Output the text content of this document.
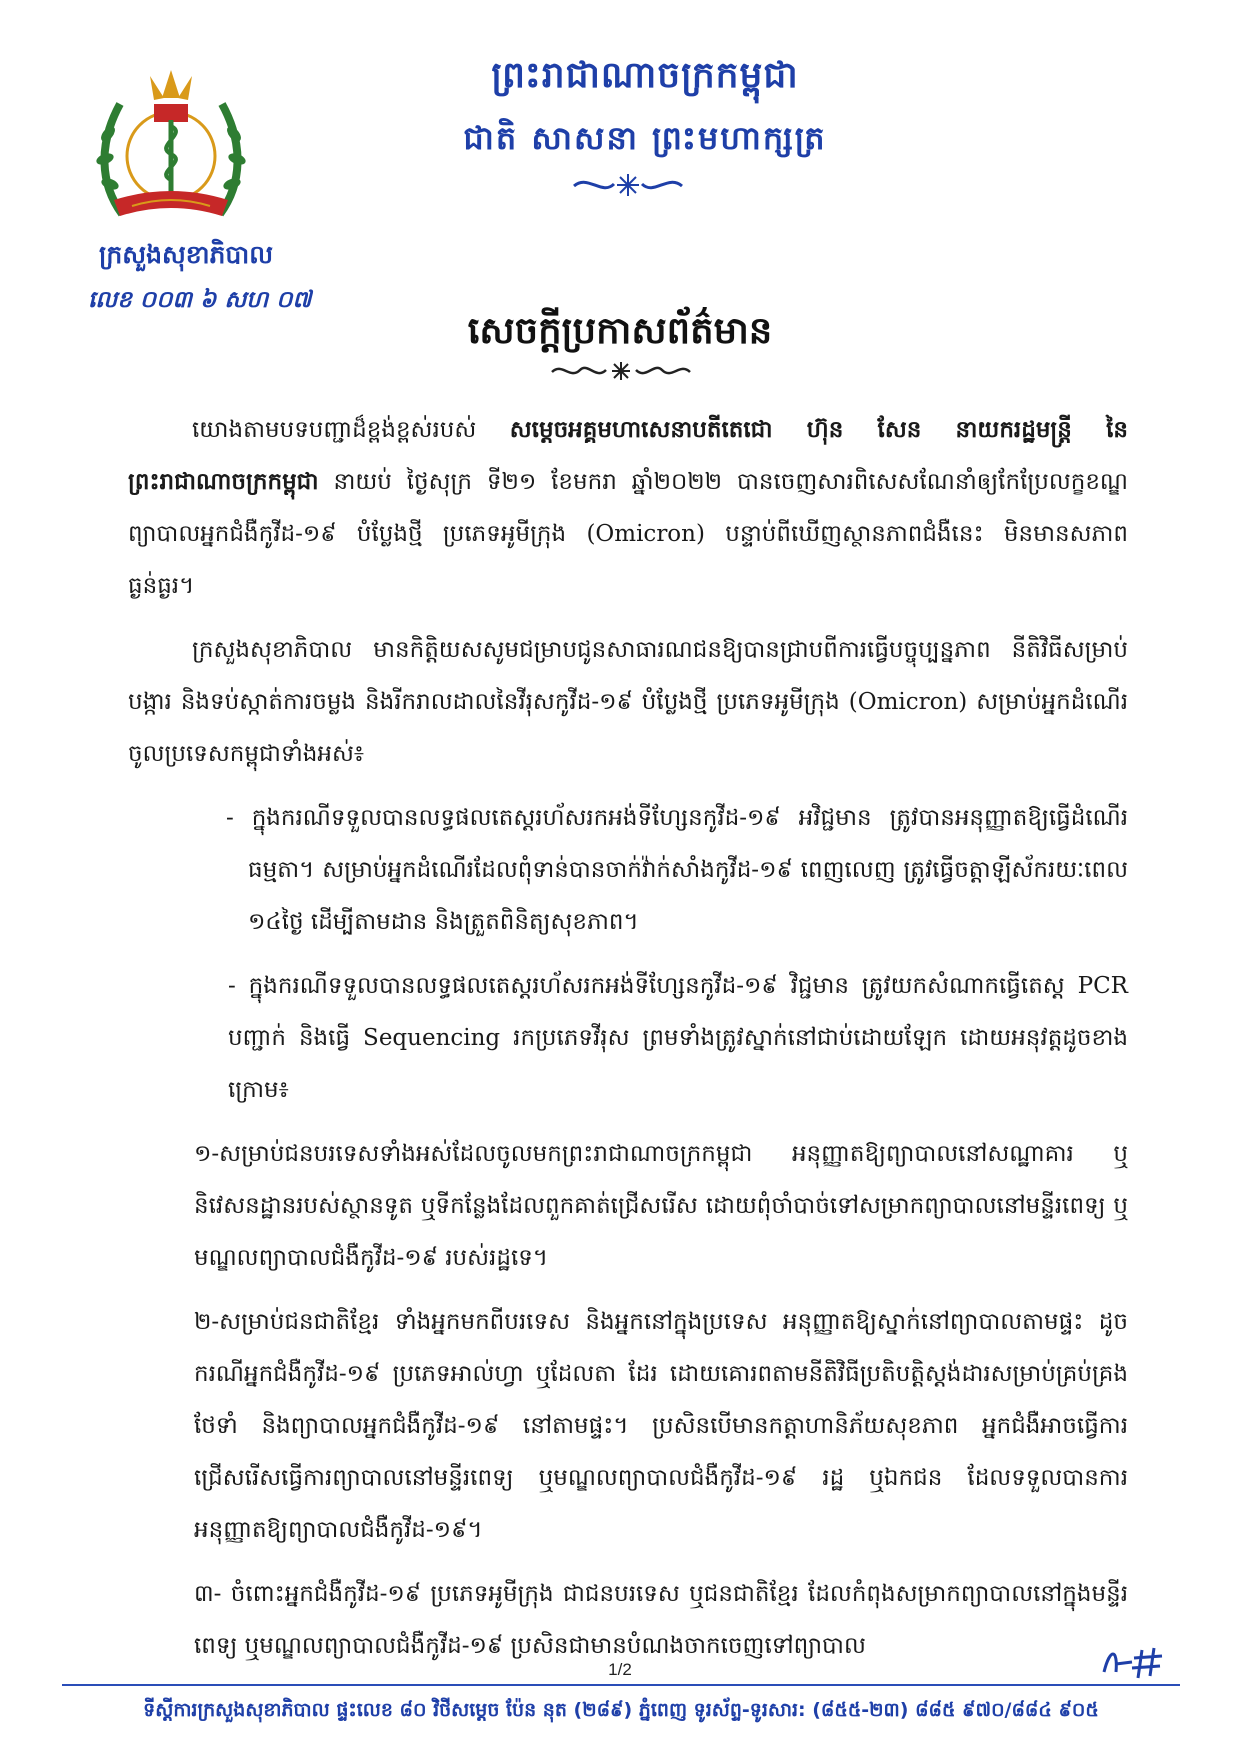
ក្រសួងសុខាភិបាល
លេខ ០០៣ ៦ សហ ០៧
ព្រះរាជាណាចក្រកម្ពុជា
ជាតិ សាសនា ព្រះមហាក្សត្រ
សេចក្តីប្រកាសព័ត៌មាន

យោងតាមបទបញ្ជាដ៏ខ្ពង់ខ្ពស់របស់ សម្តេចអគ្គមហាសេនាបតីតេជោ ហ៊ុន សែន នាយករដ្ឋមន្ត្រី នៃព្រះរាជាណាចក្រកម្ពុជា នាយប់ ថ្ងៃសុក្រ ទី២១ ខែមករា ឆ្នាំ២០២២ បានចេញសារពិសេសណែនាំឲ្យកែប្រែលក្ខខណ្ឌព្យាបាលអ្នកជំងឺកូវីដ-១៩ បំប្លែងថ្មី ប្រភេទអូមីក្រុង (Omicron) បន្ទាប់ពីឃើញស្ថានភាពជំងឺនេះ មិនមានសភាពធ្ងន់ធ្ងរ។

ក្រសួងសុខាភិបាល មានកិត្តិយសសូមជម្រាបជូនសាធារណជនឱ្យបានជ្រាបពីការធ្វើបច្ចុប្បន្នភាព នីតិវិធីសម្រាប់បង្ការ និងទប់ស្កាត់ការចម្លង និងរីករាលដាលនៃវីរុសកូវីដ-១៩ បំប្លែងថ្មី ប្រភេទអូមីក្រុង (Omicron) សម្រាប់អ្នកដំណើរចូលប្រទេសកម្ពុជាទាំងអស់៖

- ក្នុងករណីទទួលបានលទ្ធផលតេស្តរហ័សរកអង់ទីហ្សែនកូវីដ-១៩ អវិជ្ជមាន ត្រូវបានអនុញ្ញាតឱ្យធ្វើដំណើរធម្មតា។ សម្រាប់អ្នកដំណើរដែលពុំទាន់បានចាក់វ៉ាក់សាំងកូវីដ-១៩ ពេញលេញ ត្រូវធ្វើចត្តាឡីស័ករយៈពេល ១៤ថ្ងៃ ដើម្បីតាមដាន និងត្រួតពិនិត្យសុខភាព។

- ក្នុងករណីទទួលបានលទ្ធផលតេស្តរហ័សរកអង់ទីហ្សែនកូវីដ-១៩ វិជ្ជមាន ត្រូវយកសំណាកធ្វើតេស្ត PCR បញ្ជាក់ និងធ្វើ Sequencing រកប្រភេទវីរុស ព្រមទាំងត្រូវស្នាក់នៅជាប់ដោយឡែក ដោយអនុវត្តដូចខាងក្រោម៖

១-សម្រាប់ជនបរទេសទាំងអស់ដែលចូលមកព្រះរាជាណាចក្រកម្ពុជា អនុញ្ញាតឱ្យព្យាបាលនៅសណ្ឋាគារ ឬនិវេសនដ្ឋានរបស់ស្ថានទូត ឬទីកន្លែងដែលពួកគាត់ជ្រើសរើស ដោយពុំចាំបាច់ទៅសម្រាកព្យាបាលនៅមន្ទីរពេទ្យ ឬមណ្ឌលព្យាបាលជំងឺកូវីដ-១៩ របស់រដ្ឋទេ។

២-សម្រាប់ជនជាតិខ្មែរ ទាំងអ្នកមកពីបរទេស និងអ្នកនៅក្នុងប្រទេស អនុញ្ញាតឱ្យស្នាក់នៅព្យាបាលតាមផ្ទះ ដូចករណីអ្នកជំងឺកូវីដ-១៩ ប្រភេទអាល់ហ្វា ឬដែលតា ដែរ ដោយគោរពតាមនីតិវិធីប្រតិបត្តិស្តង់ដារសម្រាប់គ្រប់គ្រង ថែទាំ និងព្យាបាលអ្នកជំងឺកូវីដ-១៩ នៅតាមផ្ទះ។ ប្រសិនបើមានកត្តាហានិភ័យសុខភាព អ្នកជំងឺអាចធ្វើការជ្រើសរើសធ្វើការព្យាបាលនៅមន្ទីរពេទ្យ ឬមណ្ឌលព្យាបាលជំងឺកូវីដ-១៩ រដ្ឋ ឬឯកជន ដែលទទួលបានការអនុញ្ញាតឱ្យព្យាបាលជំងឺកូវីដ-១៩។

៣- ចំពោះអ្នកជំងឺកូវីដ-១៩ ប្រភេទអូមីក្រុង ជាជនបរទេស ឬជនជាតិខ្មែរ ដែលកំពុងសម្រាកព្យាបាលនៅក្នុងមន្ទីរពេទ្យ ឬមណ្ឌលព្យាបាលជំងឺកូវីដ-១៩ ប្រសិនជាមានបំណងចាកចេញទៅព្យាបាល

1/2
ទីស្តីការក្រសួងសុខាភិបាល ផ្ទះលេខ ៨០ វិថីសម្តេច ប៉ែន នុត (២៨៩) ភ្នំពេញ ទូរស័ព្ទ-ទូរសារ: (៨៥៥-២៣) ៨៨៥ ៩៧០/៨៨៤ ៩០៥
